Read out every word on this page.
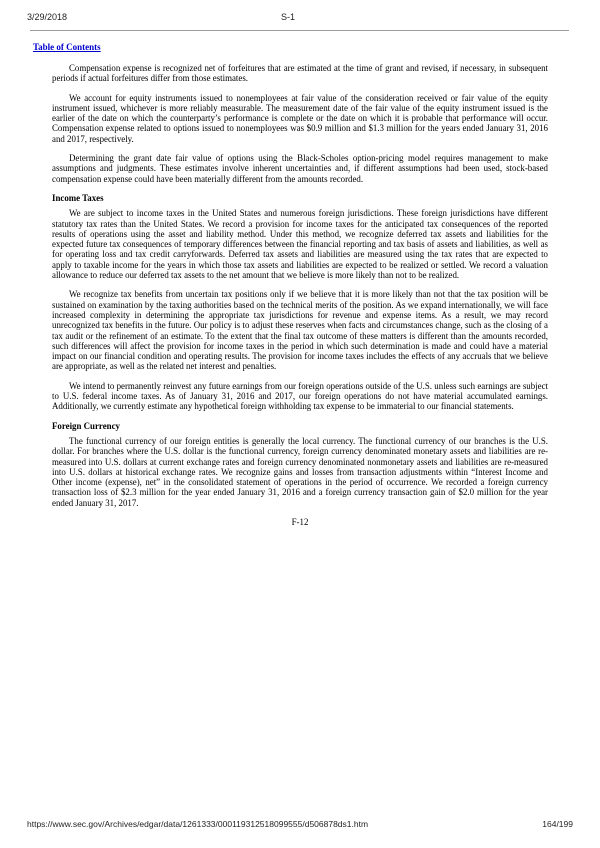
3/29/2018	S-1
Table of Contents

Compensation expense is recognized net of forfeitures that are estimated at the time of grant and revised, if necessary, in subsequent periods if actual forfeitures differ from those estimates.

We account for equity instruments issued to nonemployees at fair value of the consideration received or fair value of the equity instrument issued, whichever is more reliably measurable. The measurement date of the fair value of the equity instrument issued is the earlier of the date on which the counterparty’s performance is complete or the date on which it is probable that performance will occur. Compensation expense related to options issued to nonemployees was $0.9 million and $1.3 million for the years ended January 31, 2016 and 2017, respectively.

Determining the grant date fair value of options using the Black-Scholes option-pricing model requires management to make assumptions and judgments. These estimates involve inherent uncertainties and, if different assumptions had been used, stock-based compensation expense could have been materially different from the amounts recorded.

Income Taxes

We are subject to income taxes in the United States and numerous foreign jurisdictions. These foreign jurisdictions have different statutory tax rates than the United States. We record a provision for income taxes for the anticipated tax consequences of the reported results of operations using the asset and liability method. Under this method, we recognize deferred tax assets and liabilities for the expected future tax consequences of temporary differences between the financial reporting and tax basis of assets and liabilities, as well as for operating loss and tax credit carryforwards. Deferred tax assets and liabilities are measured using the tax rates that are expected to apply to taxable income for the years in which those tax assets and liabilities are expected to be realized or settled. We record a valuation allowance to reduce our deferred tax assets to the net amount that we believe is more likely than not to be realized.

We recognize tax benefits from uncertain tax positions only if we believe that it is more likely than not that the tax position will be sustained on examination by the taxing authorities based on the technical merits of the position. As we expand internationally, we will face increased complexity in determining the appropriate tax jurisdictions for revenue and expense items. As a result, we may record unrecognized tax benefits in the future. Our policy is to adjust these reserves when facts and circumstances change, such as the closing of a tax audit or the refinement of an estimate. To the extent that the final tax outcome of these matters is different than the amounts recorded, such differences will affect the provision for income taxes in the period in which such determination is made and could have a material impact on our financial condition and operating results. The provision for income taxes includes the effects of any accruals that we believe are appropriate, as well as the related net interest and penalties.

We intend to permanently reinvest any future earnings from our foreign operations outside of the U.S. unless such earnings are subject to U.S. federal income taxes. As of January 31, 2016 and 2017, our foreign operations do not have material accumulated earnings. Additionally, we currently estimate any hypothetical foreign withholding tax expense to be immaterial to our financial statements.

Foreign Currency

The functional currency of our foreign entities is generally the local currency. The functional currency of our branches is the U.S. dollar. For branches where the U.S. dollar is the functional currency, foreign currency denominated monetary assets and liabilities are re-measured into U.S. dollars at current exchange rates and foreign currency denominated nonmonetary assets and liabilities are re-measured into U.S. dollars at historical exchange rates. We recognize gains and losses from transaction adjustments within “Interest Income and Other income (expense), net” in the consolidated statement of operations in the period of occurrence. We recorded a foreign currency transaction loss of $2.3 million for the year ended January 31, 2016 and a foreign currency transaction gain of $2.0 million for the year ended January 31, 2017.

F-12

https://www.sec.gov/Archives/edgar/data/1261333/000119312518099555/d506878ds1.htm	164/199
